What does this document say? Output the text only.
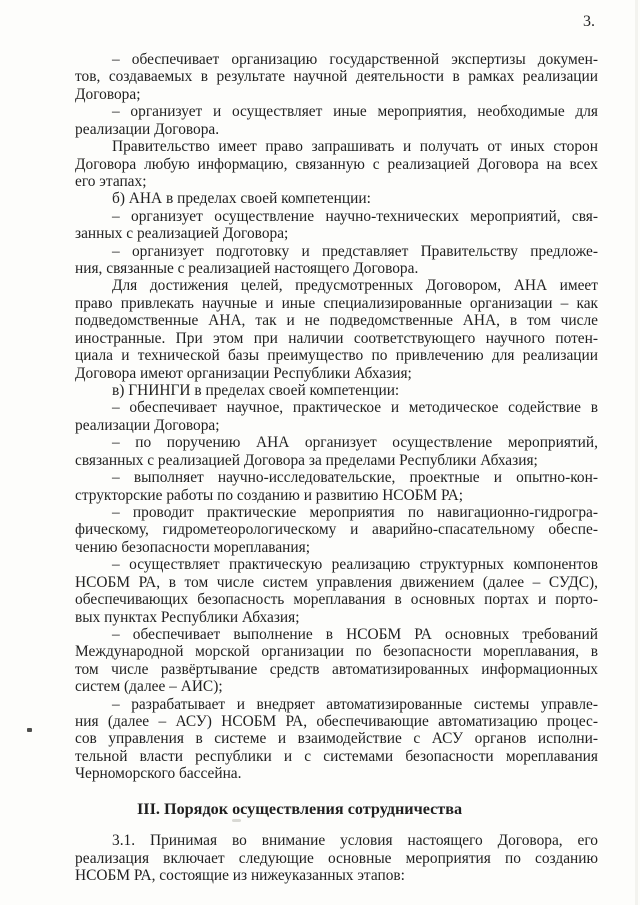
3.
– обеспечивает организацию государственной экспертизы докумен-
тов, создаваемых в результате научной деятельности в рамках реализации
Договора;
– организует и осуществляет иные мероприятия, необходимые для
реализации Договора.
Правительство имеет право запрашивать и получать от иных сторон
Договора любую информацию, связанную с реализацией Договора на всех
его этапах;
б) АНА в пределах своей компетенции:
– организует осуществление научно-технических мероприятий, свя-
занных с реализацией Договора;
– организует подготовку и представляет Правительству предложе-
ния, связанные с реализацией настоящего Договора.
Для достижения целей, предусмотренных Договором, АНА имеет
право привлекать научные и иные специализированные организации – как
подведомственные АНА, так и не подведомственные АНА, в том числе
иностранные. При этом при наличии соответствующего научного потен-
циала и технической базы преимущество по привлечению для реализации
Договора имеют организации Республики Абхазия;
в) ГНИНГИ в пределах своей компетенции:
– обеспечивает научное, практическое и методическое содействие в
реализации Договора;
– по поручению АНА организует осуществление мероприятий,
связанных с реализацией Договора за пределами Республики Абхазия;
– выполняет научно-исследовательские, проектные и опытно-кон-
структорские работы по созданию и развитию НСОБМ РА;
– проводит практические мероприятия по навигационно-гидрогра-
фическому, гидрометеорологическому и аварийно-спасательному обеспе-
чению безопасности мореплавания;
– осуществляет практическую реализацию структурных компонентов
НСОБМ РА, в том числе систем управления движением (далее – СУДС),
обеспечивающих безопасность мореплавания в основных портах и порто-
вых пунктах Республики Абхазия;
– обеспечивает выполнение в НСОБМ РА основных требований
Международной морской организации по безопасности мореплавания, в
том числе развёртывание средств автоматизированных информационных
систем (далее – АИС);
– разрабатывает и внедряет автоматизированные системы управле-
ния (далее – АСУ) НСОБМ РА, обеспечивающие автоматизацию процес-
сов управления в системе и взаимодействие с АСУ органов исполни-
тельной власти республики и с системами безопасности мореплавания
Черноморского бассейна.
III. Порядок осуществления сотрудничества
3.1. Принимая во внимание условия настоящего Договора, его
реализация включает следующие основные мероприятия по созданию
НСОБМ РА, состоящие из нижеуказанных этапов:
